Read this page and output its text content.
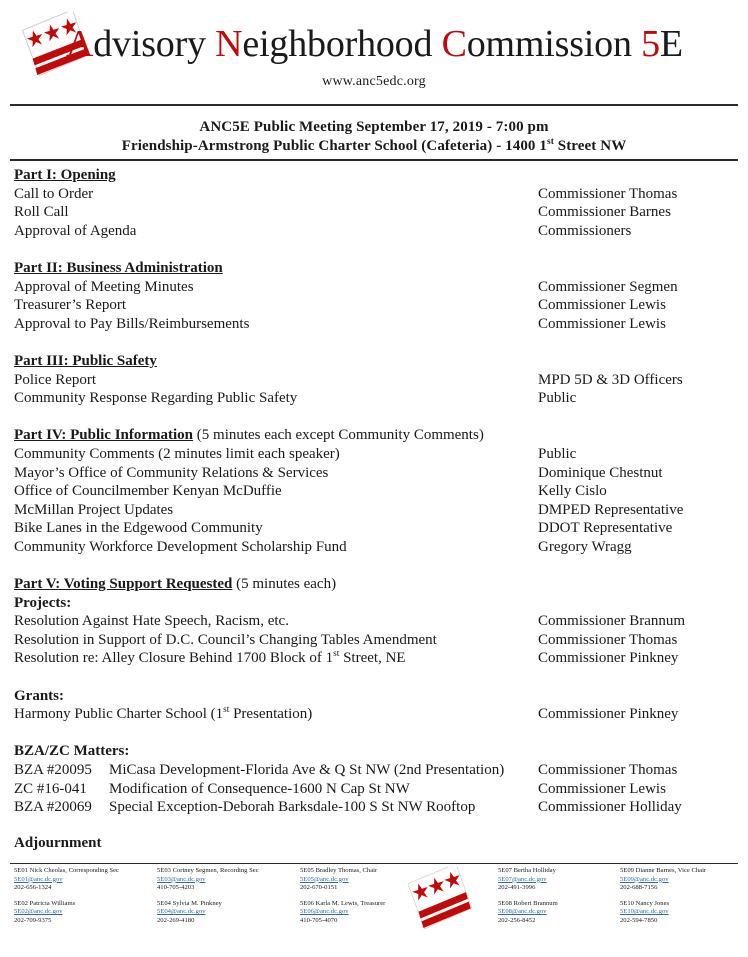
Advisory Neighborhood Commission 5E
www.anc5edc.org
ANC5E Public Meeting September 17, 2019 - 7:00 pm
Friendship-Armstrong Public Charter School (Cafeteria) - 1400 1st Street NW
Part I: Opening
Call to Order	Commissioner Thomas
Roll Call	Commissioner Barnes
Approval of Agenda	Commissioners
Part II: Business Administration
Approval of Meeting Minutes	Commissioner Segmen
Treasurer’s Report	Commissioner Lewis
Approval to Pay Bills/Reimbursements	Commissioner Lewis
Part III: Public Safety
Police Report	MPD 5D & 3D Officers
Community Response Regarding Public Safety	Public
Part IV: Public Information (5 minutes each except Community Comments)
Community Comments (2 minutes limit each speaker)	Public
Mayor’s Office of Community Relations & Services	Dominique Chestnut
Office of Councilmember Kenyan McDuffie	Kelly Cislo
McMillan Project Updates	DMPED Representative
Bike Lanes in the Edgewood Community	DDOT Representative
Community Workforce Development Scholarship Fund	Gregory Wragg
Part V: Voting Support Requested (5 minutes each)
Projects:
Resolution Against Hate Speech, Racism, etc.	Commissioner Brannum
Resolution in Support of D.C. Council’s Changing Tables Amendment	Commissioner Thomas
Resolution re: Alley Closure Behind 1700 Block of 1st Street, NE	Commissioner Pinkney
Grants:
Harmony Public Charter School (1st Presentation)	Commissioner Pinkney
BZA/ZC Matters:
BZA #20095 MiCasa Development-Florida Ave & Q St NW (2nd Presentation)	Commissioner Thomas
ZC #16-041 Modification of Consequence-1600 N Cap St NW	Commissioner Lewis
BZA #20069 Special Exception-Deborah Barksdale-100 S St NW Rooftop	Commissioner Holliday
Adjournment
5E01 Nick Cheolas, Corresponding Sec
5E01@anc.dc.gov
202-656-1324
5E02 Patricia Williams
5E02@anc.dc.gov
202-709-9375
5E03 Cortney Segmen, Recording Sec
5E03@anc.dc.gov
410-705-4203
5E04 Sylvia M. Pinkney
5E04@anc.dc.gov
202-269-4180
5E05 Bradley Thomas, Chair
5E05@anc.dc.gov
202-670-0151
5E06 Karla M. Lewis, Treasurer
5E06@anc.dc.gov
410-705-4070
5E07 Bertha Holliday
5E07@anc.dc.gov
202-491-3996
5E08 Robert Brannum
5E08@anc.dc.gov
202-256-8452
5E09 Dianne Barnes, Vice Chair
5E09@anc.dc.gov
202-688-7156
5E10 Nancy Jones
5E10@anc.dc.gov
202-594-7850
